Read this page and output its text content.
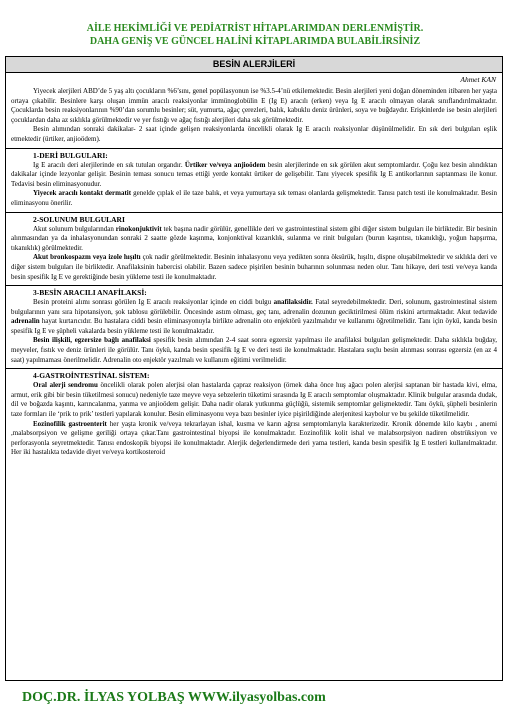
AİLE HEKİMLİĞİ VE PEDİATRİST HİTAPLARIMDAN DERLENMİŞTİR.
DAHA GENİŞ VE GÜNCEL HALİNİ KİTAPLARIMDA BULABİLİRSİNİZ
BESİN ALERJİLERİ
Ahmet KAN

Yiyecek alerjileri ABD’de 5 yaş altı çocukların %6’sını, genel popülasyonun ise %3.5-4’nü etkilemektedir. Besin alerjileri yeni doğan döneminden itibaren her yaşta ortaya çıkabilir. Besinlere karşı oluşan immün aracılı reaksiyonlar immünoglobülin E (Ig E) aracılı (erken) veya Ig E aracılı olmayan olarak sınıflandırılmaktadır. Çocuklarda besin reaksiyonlarının %90’dan sorumlu besinler; süt, yumurta, ağaç çerezleri, balık, kabuklu deniz ürünleri, soya ve buğdaydır. Erişkinlerde ise besin alerjileri çocuklardan daha az sıklıkla görülmektedir ve yer fıstığı ve ağaç fıstığı alerjileri daha sık görülmektedir.

Besin alımından sonraki dakikalar- 2 saat içinde gelişen reaksiyonlarda öncelikli olarak Ig E aracılı reaksiyonlar düşünülmelidir. En sık deri bulguları eşlik etmektedir (ürtiker, anjioödem).

1-DERİ BULGULARI:

Ig E aracılı deri alerjilerinde en sık tutulan organdır. Ürtiker ve/veya anjioödem besin alerjilerinde en sık görülen akut semptomlardır. Çoğu kez besin alındıktan dakikalar içinde lezyonlar gelişir. Besinin teması sonucu temas ettiği yerde kontakt ürtiker de gelişebilir. Tanı yiyecek spesifik Ig E antikorlarının saptanması ile konur. Tedavisi besin eliminasyonudur.

Yiyecek aracılı kontakt dermatit genelde çıplak el ile taze balık, et veya yumurtaya sık teması olanlarda gelişmektedir. Tanısı patch testi ile konulmaktadır. Besin eliminasyonu önerilir.

2-SOLUNUM BULGULARI

Akut solunum bulgularından rinokonjuktivit tek başına nadir görülür, genellikle deri ve gastrointestinal sistem gibi diğer sistem bulguları ile birliktedir. Bir besinin alınmasından ya da inhalasyonundan sonraki 2 saatte gözde kaşınma, konjonktival kızarıklık, sulanma ve rinit bulguları (burun kaşıntısı, tıkanıklığı, yoğun hapşırma, tıkanıklık) görülmektedir.

Akut bronkospazm veya izole hışıltı çok nadir görülmektedir. Besinin inhalasyonu veya yedikten sonra öksürük, hışıltı, dispne oluşabilmektedir ve sıklıkla deri ve diğer sistem bulguları ile birliktedir. Anafilaksinin habercisi olabilir. Bazen sadece pişirilen besinin buharının solunması neden olur. Tanı hikaye, deri testi ve/veya kanda besin spesifik Ig E ve gerektiğinde besin yükleme testi ile konulmaktadır.

3-BESİN ARACILI ANAFİLAKSİ:

Besin proteini alımı sonrası görülen Ig E aracılı reaksiyonlar içinde en ciddi bulgu anafilaksidir. Fatal seyredebilmektedir. Deri, solunum, gastrointestinal sistem bulgularının yanı sıra hipotansiyon, şok tablosu görülebilir. Öncesinde astım olması, geç tanı, adrenalin dozunun geciktirilmesi ölüm riskini artırmaktadır. Akut tedavide adrenalin hayat kurtarıcıdır. Bu hastalara ciddi besin eliminasyonuyla birlikte adrenalin oto enjektörü yazılmalıdır ve kullanımı öğretilmelidir. Tanı için öykü, kanda besin spesifik Ig E ve şüpheli vakalarda besin yükleme testi ile konulmaktadır.

Besin ilişkili, egzersize bağlı anafilaksi spesifik besin alımından 2-4 saat sonra egzersiz yapılması ile anafilaksi bulguları gelişmektedir. Daha sıklıkla buğday, meyveler, fıstık ve deniz ürünleri ile görülür. Tanı öykü, kanda besin spesifik Ig E ve deri testi ile konulmaktadır. Hastalara suçlu besin alınması sonrası egzersiz (en az 4 saat) yapılmaması önerilmelidir. Adrenalin oto enjektör yazılmalı ve kullanım eğitimi verilmelidir.

4-GASTROİNTESTİNAL SİSTEM:

Oral alerji sendromu öncelikli olarak polen alerjisi olan hastalarda çapraz reaksiyon (örnek daha önce huş ağacı polen alerjisi saptanan bir hastada kivi, elma, armut, erik gibi bir besin tüketilmesi sonucu) nedeniyle taze meyve veya sebzelerin tüketimi sırasında Ig E aracılı semptomlar oluşmaktadır. Klinik bulgular arasında dudak, dil ve boğazda kaşıntı, karıncalanma, yanma ve anjioödem gelişir. Daha nadir olarak yutkunma güçlüğü, sistemik semptomlar gelişmektedir. Tanı öykü, şüpheli besinlerin taze formları ile ‘prik to prik’ testleri yapılarak konulur. Besin eliminasyonu veya bazı besinler iyice pişirildiğinde alerjenitesi kaybolur ve bu şekilde tüketilmelidir.

Eozinofilik gastroenterit her yaşta kronik ve/veya tekrarlayan ishal, kusma ve karın ağrısı semptomlarıyla karakterizedir. Kronik dönemde kilo kaybı , anemi ,malabsorpsiyon ve gelişme geriliği ortaya çıkar.Tanı gastrointestinal biyopsi ile konulmaktadır. Eozinofilik kolit ishal ve malabsorpsiyon nadiren obstrüksiyon ve perforasyonla seyretmektedir. Tanısı endoskopik biyopsi ile konulmaktadır. Alerjik değerlendirmede deri yama testleri, kanda besin spesifik Ig E testleri kullanılmaktadır. Her iki hastalıkta tedavide diyet ve/veya kortikosteroid

DOÇ.DR. İLYAS YOLBAŞ WWW.ilyasyolbas.com
